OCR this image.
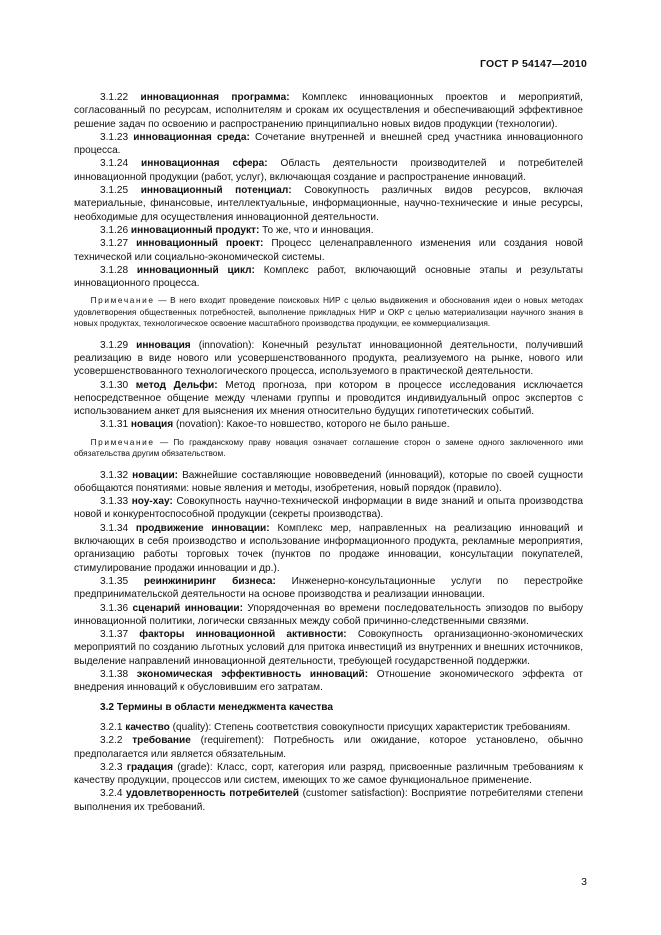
ГОСТ Р 54147—2010

3.1.22 инновационная программа: Комплекс инновационных проектов и мероприятий, согласованный по ресурсам, исполнителям и срокам их осуществления и обеспечивающий эффективное решение задач по освоению и распространению принципиально новых видов продукции (технологии).

3.1.23 инновационная среда: Сочетание внутренней и внешней сред участника инновационного процесса.

3.1.24 инновационная сфера: Область деятельности производителей и потребителей инновационной продукции (работ, услуг), включающая создание и распространение инноваций.

3.1.25 инновационный потенциал: Совокупность различных видов ресурсов, включая материальные, финансовые, интеллектуальные, информационные, научно-технические и иные ресурсы, необходимые для осуществления инновационной деятельности.

3.1.26 инновационный продукт: То же, что и инновация.

3.1.27 инновационный проект: Процесс целенаправленного изменения или создания новой технической или социально-экономической системы.

3.1.28 инновационный цикл: Комплекс работ, включающий основные этапы и результаты инновационного процесса.

  Примечание — В него входит проведение поисковых НИР с целью выдвижения и обоснования идеи о новых методах удовлетворения общественных потребностей, выполнение прикладных НИР и ОКР с целью материализации научного знания в новых продуктах, технологическое освоение масштабного производства продукции, ее коммерциализация.

3.1.29 инновация (innovation): Конечный результат инновационной деятельности, получивший реализацию в виде нового или усовершенствованного продукта, реализуемого на рынке, нового или усовершенствованного технологического процесса, используемого в практической деятельности.

3.1.30 метод Дельфи: Метод прогноза, при котором в процессе исследования исключается непосредственное общение между членами группы и проводится индивидуальный опрос экспертов с использованием анкет для выяснения их мнения относительно будущих гипотетических событий.

3.1.31 новация (novation): Какое-то новшество, которого не было раньше.

  Примечание — По гражданскому праву новация означает соглашение сторон о замене одного заключенного ими обязательства другим обязательством.

3.1.32 новации: Важнейшие составляющие нововведений (инноваций), которые по своей сущности обобщаются понятиями: новые явления и методы, изобретения, новый порядок (правило).

3.1.33 ноу-хау: Совокупность научно-технической информации в виде знаний и опыта производства новой и конкурентоспособной продукции (секреты производства).

3.1.34 продвижение инновации: Комплекс мер, направленных на реализацию инноваций и включающих в себя производство и использование информационного продукта, рекламные мероприятия, организацию работы торговых точек (пунктов по продаже инновации, консультации покупателей, стимулирование продажи инновации и др.).

3.1.35 реинжиниринг бизнеса: Инженерно-консультационные услуги по перестройке предпринимательской деятельности на основе производства и реализации инновации.

3.1.36 сценарий инновации: Упорядоченная во времени последовательность эпизодов по выбору инновационной политики, логически связанных между собой причинно-следственными связями.

3.1.37 факторы инновационной активности: Совокупность организационно-экономических мероприятий по созданию льготных условий для притока инвестиций из внутренних и внешних источников, выделение направлений инновационной деятельности, требующей государственной поддержки.

3.1.38 экономическая эффективность инноваций: Отношение экономического эффекта от внедрения инноваций к обусловившим его затратам.

3.2 Термины в области менеджмента качества

3.2.1 качество (quality): Степень соответствия совокупности присущих характеристик требованиям.

3.2.2 требование (requirement): Потребность или ожидание, которое установлено, обычно предполагается или является обязательным.

3.2.3 градация (grade): Класс, сорт, категория или разряд, присвоенные различным требованиям к качеству продукции, процессов или систем, имеющих то же самое функциональное применение.

3.2.4 удовлетворенность потребителей (customer satisfaction): Восприятие потребителями степени выполнения их требований.

3
